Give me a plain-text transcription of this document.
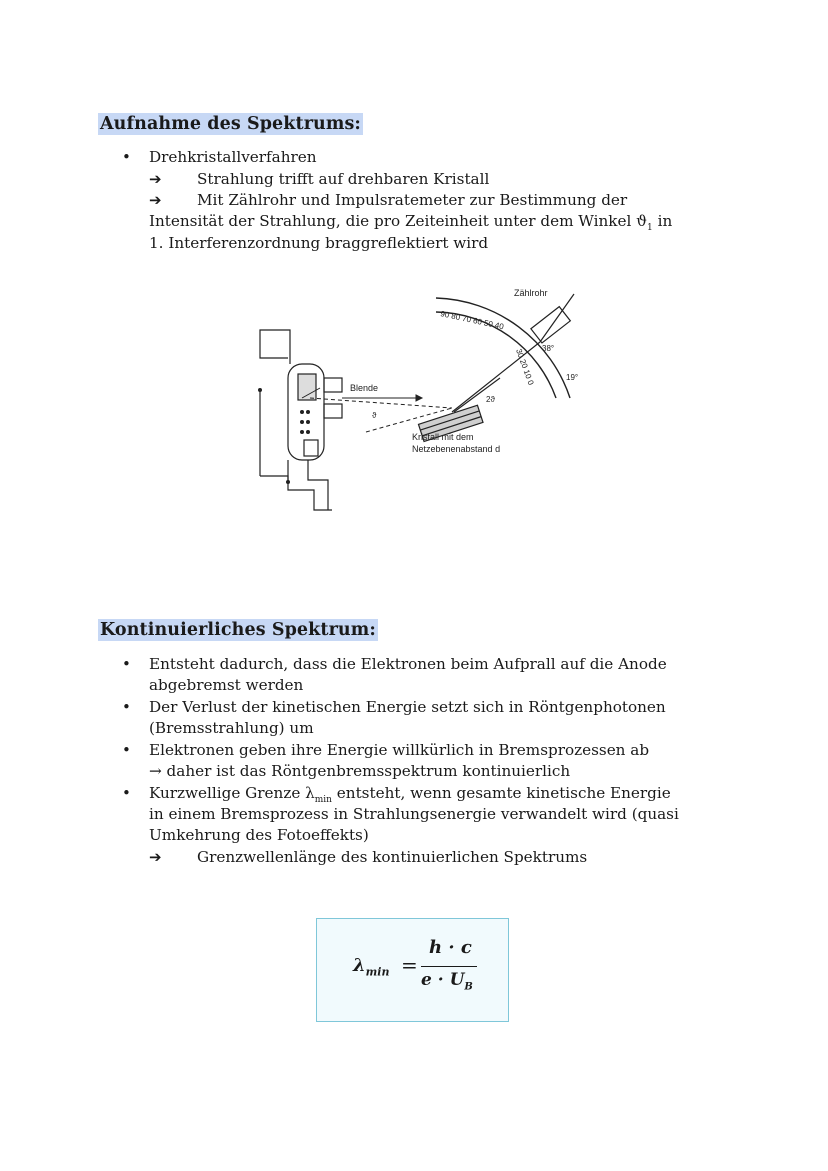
Aufnahme des Spektrums:
• Drehkristallverfahren
➔ Strahlung trifft auf drehbaren Kristall
➔ Mit Zählrohr und Impulsratemeter zur Bestimmung der
Intensität der Strahlung, die pro Zeiteinheit unter dem Winkel $ϑ_1$ in
1. Interferenzordnung braggreflektiert wird
Zählrohr
Blende
Kristall mit dem
Netzebenenabstand d
38°
19°
ϑ
2ϑ
90 80 70 60 50 40
30 20 10 0
Kontinuierliches Spektrum:
• Entsteht dadurch, dass die Elektronen beim Aufprall auf die Anode
abgebremst werden
• Der Verlust der kinetischen Energie setzt sich in Röntgenphotonen
(Bremsstrahlung) um
• Elektronen geben ihre Energie willkürlich in Bremsprozessen ab
→ daher ist das Röntgenbremsspektrum kontinuierlich
• Kurzwellige Grenze $\lambda_{min}$ entsteht, wenn gesamte kinetische Energie
in einem Bremsprozess in Strahlungsenergie verwandelt wird (quasi
Umkehrung des Fotoeffekts)
➔ Grenzwellenlänge des kontinuierlichen Spektrums
$\lambda_{min}$ =
h · c
$e \cdot U_B$
